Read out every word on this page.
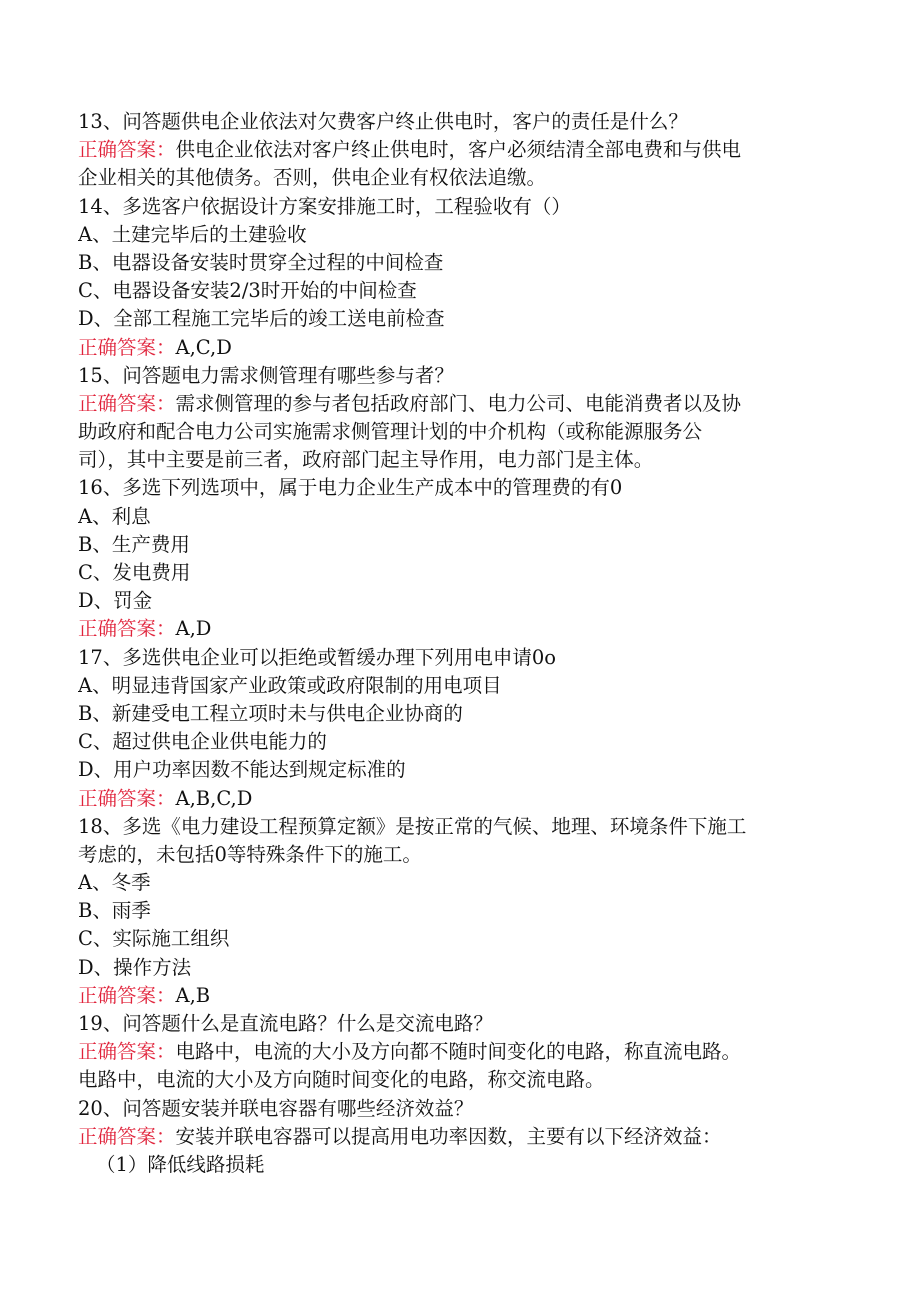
13、问答题供电企业依法对欠费客户终止供电时，客户的责任是什么？
正确答案：供电企业依法对客户终止供电时，客户必须结清全部电费和与供电
企业相关的其他债务。否则，供电企业有权依法追缴。
14、多选客户依据设计方案安排施工时，工程验收有（）
A、土建完毕后的土建验收
B、电器设备安装时贯穿全过程的中间检查
C、电器设备安装2/3时开始的中间检查
D、全部工程施工完毕后的竣工送电前检查
正确答案：A,C,D
15、问答题电力需求侧管理有哪些参与者？
正确答案：需求侧管理的参与者包括政府部门、电力公司、电能消费者以及协
助政府和配合电力公司实施需求侧管理计划的中介机构（或称能源服务公
司），其中主要是前三者，政府部门起主导作用，电力部门是主体。
16、多选下列选项中，属于电力企业生产成本中的管理费的有0
A、利息
B、生产费用
C、发电费用
D、罚金
正确答案：A,D
17、多选供电企业可以拒绝或暂缓办理下列用电申请0o
A、明显违背国家产业政策或政府限制的用电项目
B、新建受电工程立项时未与供电企业协商的
C、超过供电企业供电能力的
D、用户功率因数不能达到规定标准的
正确答案：A,B,C,D
18、多选《电力建设工程预算定额》是按正常的气候、地理、环境条件下施工
考虑的，未包括0等特殊条件下的施工。
A、冬季
B、雨季
C、实际施工组织
D、操作方法
正确答案：A,B
19、问答题什么是直流电路？什么是交流电路？
正确答案：电路中，电流的大小及方向都不随时间变化的电路，称直流电路。
电路中，电流的大小及方向随时间变化的电路，称交流电路。
20、问答题安装并联电容器有哪些经济效益？
正确答案：安装并联电容器可以提高用电功率因数，主要有以下经济效益：
（1）降低线路损耗
